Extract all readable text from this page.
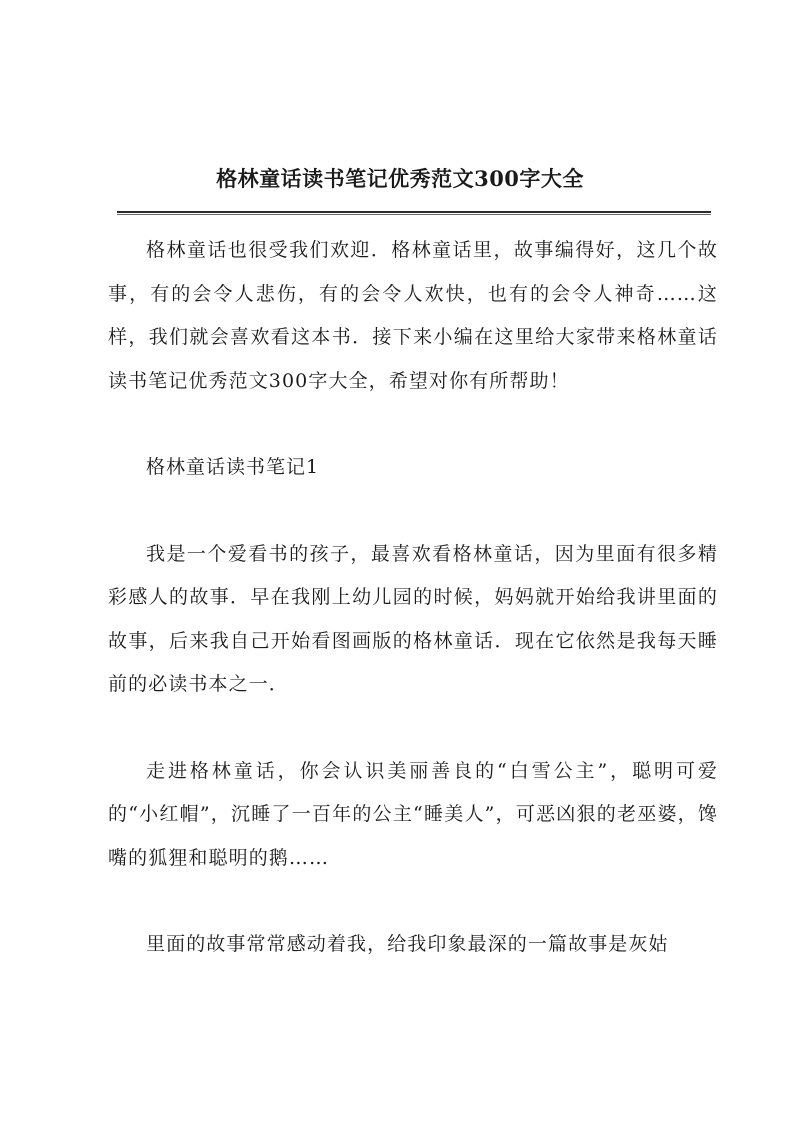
格林童话读书笔记优秀范文300字大全

格林童话也很受我们欢迎．格林童话里，故事编得好，这几个故事，有的会令人悲伤，有的会令人欢快，也有的会令人神奇……这样，我们就会喜欢看这本书．接下来小编在这里给大家带来格林童话读书笔记优秀范文300字大全，希望对你有所帮助！

格林童话读书笔记1

我是一个爱看书的孩子，最喜欢看格林童话，因为里面有很多精彩感人的故事．早在我刚上幼儿园的时候，妈妈就开始给我讲里面的故事，后来我自己开始看图画版的格林童话．现在它依然是我每天睡前的必读书本之一．

走进格林童话，你会认识美丽善良的“白雪公主”，聪明可爱的“小红帽”，沉睡了一百年的公主“睡美人”，可恶凶狠的老巫婆，馋嘴的狐狸和聪明的鹅……

里面的故事常常感动着我，给我印象最深的一篇故事是灰姑
